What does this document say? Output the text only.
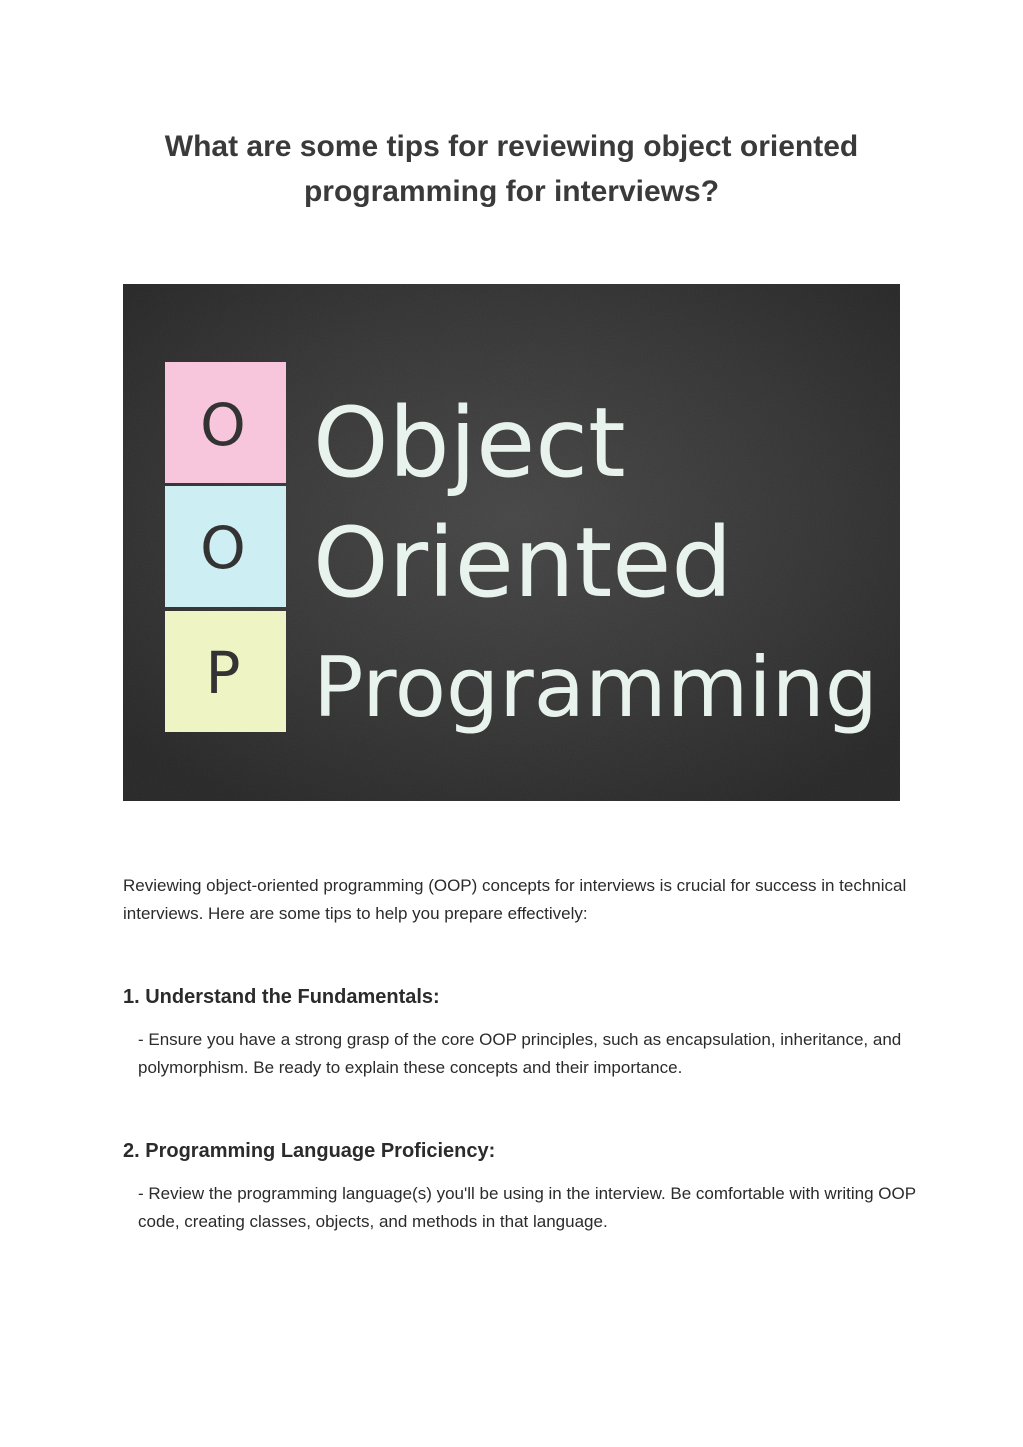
What are some tips for reviewing object oriented programming for interviews?
O
O
P
Object
Oriented
Programming

Reviewing object-oriented programming (OOP) concepts for interviews is crucial for success in technical interviews. Here are some tips to help you prepare effectively:

1. Understand the Fundamentals:

- Ensure you have a strong grasp of the core OOP principles, such as encapsulation, inheritance, and polymorphism. Be ready to explain these concepts and their importance.

2. Programming Language Proficiency:

- Review the programming language(s) you'll be using in the interview. Be comfortable with writing OOP code, creating classes, objects, and methods in that language.
